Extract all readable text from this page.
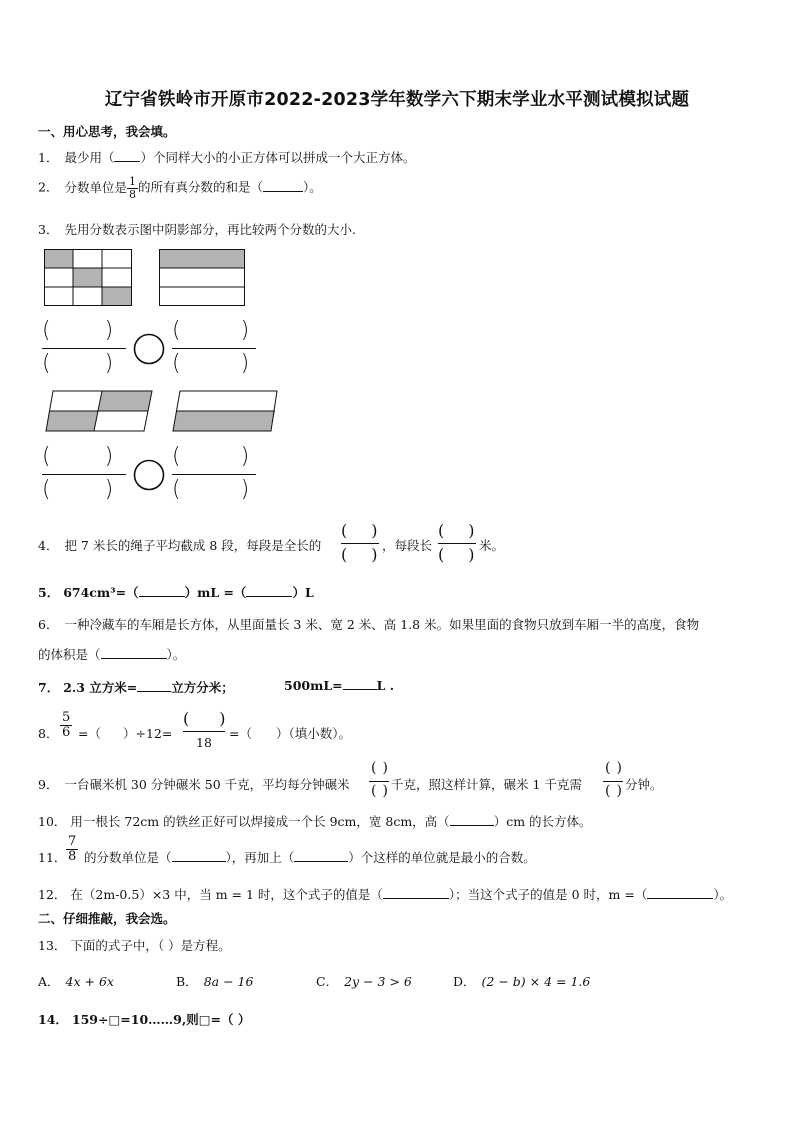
辽宁省铁岭市开原市2022-2023学年数学六下期末学业水平测试模拟试题
一、用心思考，我会填。
1． 最少用（ ）个同样大小的小正方体可以拼成一个大正方体。
2． 分数单位是 $\frac{1}{8}$ 的所有真分数的和是（	）。
3． 先用分数表示图中阴影部分，再比较两个分数的大小.
( )
( )
(	)
(	)
( )
( )
(	)
(	)
4． 把 7 米长的绳子平均截成 8 段，每段是全长的
( )
( ) ，每段长
( )
( ) 米。
5． 674cm³=（	）mL =（	）L
6． 一种冷藏车的车厢是长方体，从里面量长 3 米、宽 2 米、高 1.8 米。如果里面的食物只放到车厢一半的高度，食物
的体积是（	）。
7． 2.3 立方米=	立方分米；	500mL=	L .
8． $\frac{5}{6}$ =（ ）÷12=
( )
18
=（ ）（填小数）。
9． 一台碾米机 30 分钟碾米 50 千克，平均每分钟碾米
( )
( ) 千克，照这样计算，碾米 1 千克需
( )
( ) 分钟。
10． 用一根长 72cm 的铁丝正好可以焊接成一个长 9cm，宽 8cm，高（	）cm 的长方体。
11． $\frac{7}{8}$ 的分数单位是（	），再加上（	）个这样的单位就是最小的合数。
12． 在（2m-0.5）×3 中，当 m = 1 时，这个式子的值是（	）；当这个式子的值是 0 时，m =（	）。
二、仔细推敲，我会选。
13． 下面的式子中，（ ）是方程。
A． 4x + 6x	B． 8a − 16	C． 2y − 3 > 6	D． (2 − b) × 4 = 1.6
14． 159÷□=10……9,则□=（ ）
